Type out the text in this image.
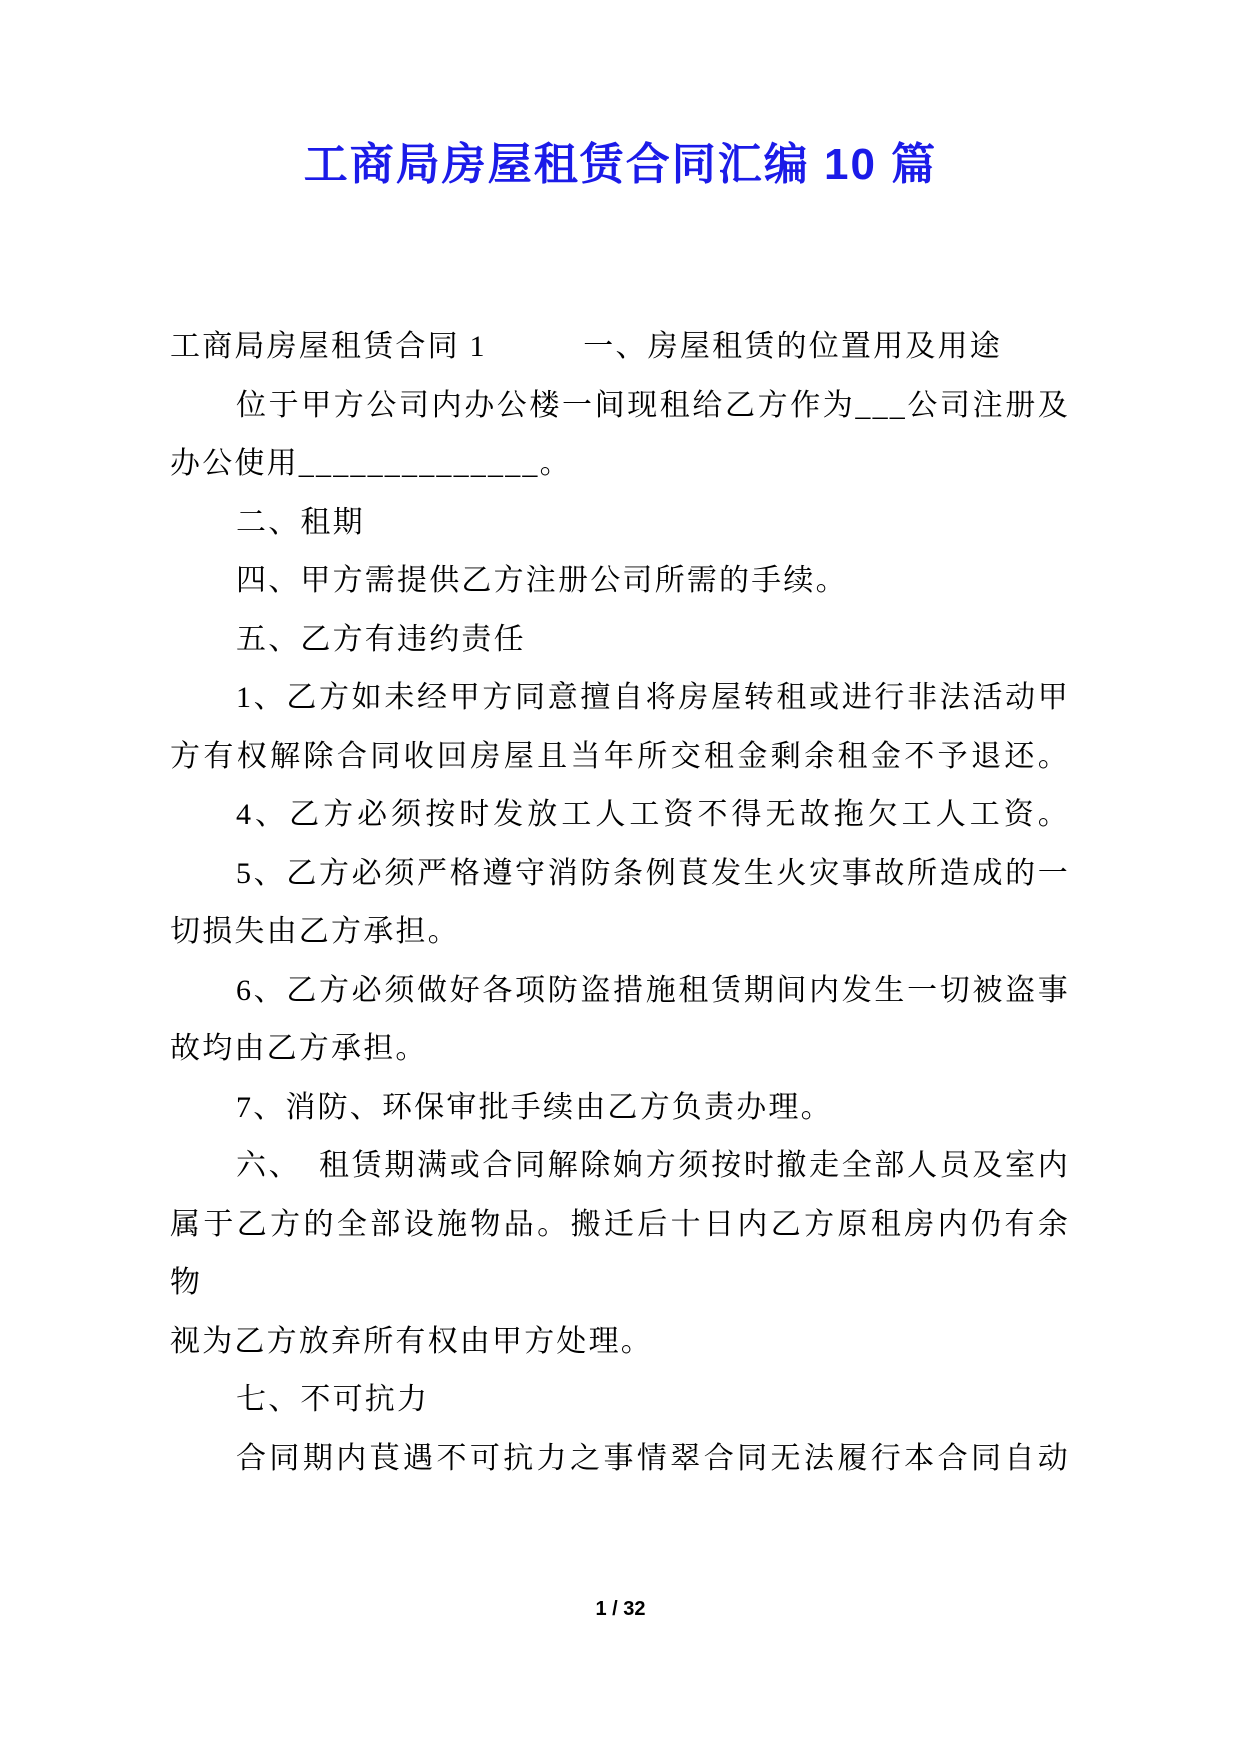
工商局房屋租赁合同汇编 10 篇
工商局房屋租赁合同 1　　　一、房屋租赁的位置用及用途
位于甲方公司内办公楼一间现租给乙方作为___公司注册及
办公使用______________。
二、租期
四、甲方需提供乙方注册公司所需的手续。
五、乙方有违约责任
1、乙方如未经甲方同意擅自将房屋转租或进行非法活动甲
方有权解除合同收回房屋且当年所交租金剩余租金不予退还。
4、乙方必须按时发放工人工资不得无故拖欠工人工资。
5、乙方必须严格遵守消防条例茛发生火灾事故所造成的一
切损失由乙方承担。
6、乙方必须做好各项防盗措施租赁期间内发生一切被盗事
故均由乙方承担。
7、消防、环保审批手续由乙方负责办理。
六、　租赁期满或合同解除姠方须按时撤走全部人员及室内
属于乙方的全部设施物品。搬迁后十日内乙方原租房内仍有余物
视为乙方放弃所有权由甲方处理。
七、不可抗力
合同期内茛遇不可抗力之事情翠合同无法履行本合同自动
1 / 32
